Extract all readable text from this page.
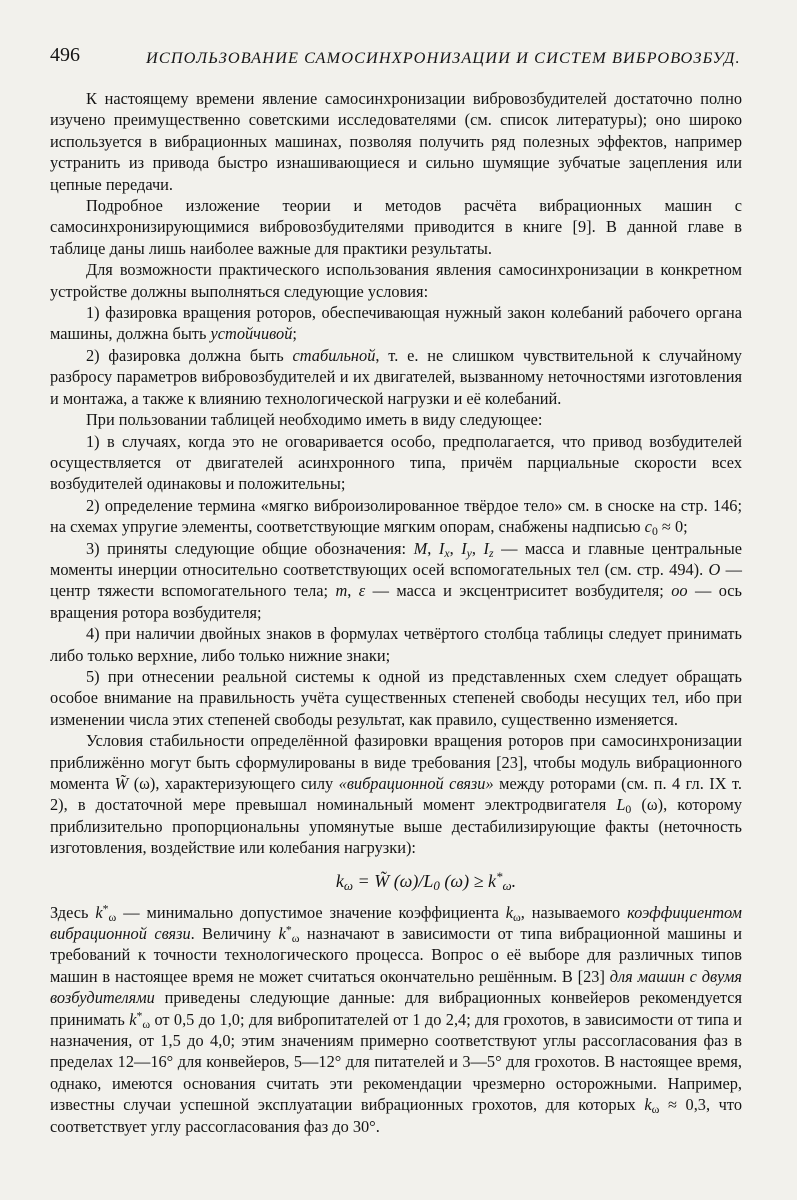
496	ИСПОЛЬЗОВАНИЕ САМОСИНХРОНИЗАЦИИ И СИСТЕМ ВИБРОВОЗБУД.

К настоящему времени явление самосинхронизации вибровозбудителей достаточно полно изучено преимущественно советскими исследователями (см. список литературы); оно широко используется в вибрационных машинах, позволяя получить ряд полезных эффектов, например устранить из привода быстро изнашивающиеся и сильно шумящие зубчатые зацепления или цепные передачи.

Подробное изложение теории и методов расчёта вибрационных машин с самосинхронизирующимися вибровозбудителями приводится в книге [9]. В данной главе в таблице даны лишь наиболее важные для практики результаты.

Для возможности практического использования явления самосинхронизации в конкретном устройстве должны выполняться следующие условия:

1) фазировка вращения роторов, обеспечивающая нужный закон колебаний рабочего органа машины, должна быть устойчивой;

2) фазировка должна быть стабильной, т. е. не слишком чувствительной к случайному разбросу параметров вибровозбудителей и их двигателей, вызванному неточностями изготовления и монтажа, а также к влиянию технологической нагрузки и её колебаний.

При пользовании таблицей необходимо иметь в виду следующее:

1) в случаях, когда это не оговаривается особо, предполагается, что привод возбудителей осуществляется от двигателей асинхронного типа, причём парциальные скорости всех возбудителей одинаковы и положительны;

2) определение термина «мягко виброизолированное твёрдое тело» см. в сноске на стр. 146; на схемах упругие элементы, соответствующие мягким опорам, снабжены надписью $c_0 \approx 0$;

3) приняты следующие общие обозначения: M, $I_x$, $I_y$, $I_z$ — масса и главные центральные моменты инерции относительно соответствующих осей вспомогательных тел (см. стр. 494). O — центр тяжести вспомогательного тела; m, ε — масса и эксцентриситет возбудителя; oo — ось вращения ротора возбудителя;

4) при наличии двойных знаков в формулах четвёртого столбца таблицы следует принимать либо только верхние, либо только нижние знаки;

5) при отнесении реальной системы к одной из представленных схем следует обращать особое внимание на правильность учёта существенных степеней свободы несущих тел, ибо при изменении числа этих степеней свободы результат, как правило, существенно изменяется.

Условия стабильности определённой фазировки вращения роторов при самосинхронизации приближённо могут быть сформулированы в виде требования [23], чтобы модуль вибрационного момента W̃ (ω), характеризующего силу «вибрационной связи» между роторами (см. п. 4 гл. IX т. 2), в достаточной мере превышал номинальный момент электродвигателя $L_0$ (ω), которому приблизительно пропорциональны упомянутые выше дестабилизирующие факты (неточность изготовления, воздействие или колебания нагрузки):

$k_\omega$ = W̃ $(\omega)/L_0$ $(\omega) \ge k^*_\omega$.

Здесь $k^*_\omega$ — минимально допустимое значение коэффициента $k_\omega$, называемого коэффициентом вибрационной связи. Величину $k^*_\omega$ назначают в зависимости от типа вибрационной машины и требований к точности технологического процесса. Вопрос о её выборе для различных типов машин в настоящее время не может считаться окончательно решённым. В [23] для машин с двумя возбудителями приведены следующие данные: для вибрационных конвейеров рекомендуется принимать $k^*_\omega$ от 0,5 до 1,0; для вибропитателей от 1 до 2,4; для грохотов, в зависимости от типа и назначения, от 1,5 до 4,0; этим значениям примерно соответствуют углы рассогласования фаз в пределах 12—16° для конвейеров, 5—12° для питателей и 3—5° для грохотов. В настоящее время, однако, имеются основания считать эти рекомендации чрезмерно осторожными. Например, известны случаи успешной эксплуатации вибрационных грохотов, для которых $k_\omega \approx 0,3$, что соответствует углу рассогласования фаз до 30°.
